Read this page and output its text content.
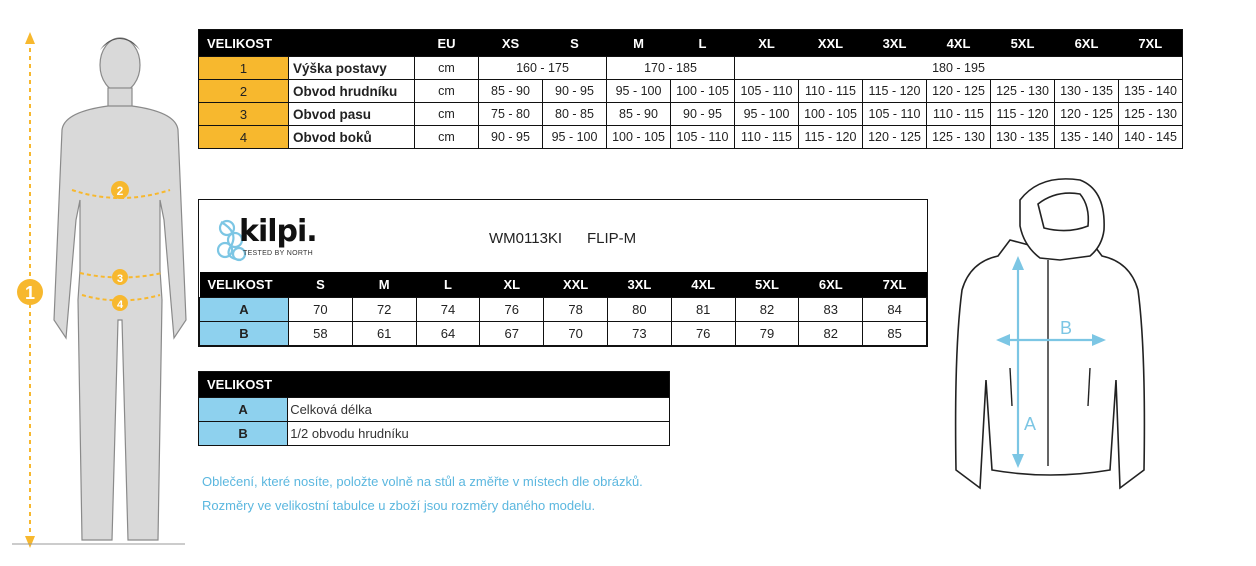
1
2
3
4
VELIKOST		EU	XS	S	M	L	XL	XXL	3XL	4XL	5XL	6XL	7XL
1	Výška postavy	cm	160 - 175		170 - 185		180 - 195						
2	Obvod hrudníku	cm	85 - 90	90 - 95	95 - 100	100 - 105	105 - 110	110 - 115	115 - 120	120 - 125	125 - 130	130 - 135	135 - 140
3	Obvod pasu	cm	75 - 80	80 - 85	85 - 90	90 - 95	95 - 100	100 - 105	105 - 110	110 - 115	115 - 120	120 - 125	125 - 130
4	Obvod boků	cm	90 - 95	95 - 100	100 - 105	105 - 110	110 - 115	115 - 120	120 - 125	125 - 130	130 - 135	135 - 140	140 - 145
kilpi.
TESTED BY NORTH
WM0113KI FLIP-M
VELIKOST	S	M	L	XL	XXL	3XL	4XL	5XL	6XL	7XL
A	70	72	74	76	78	80	81	82	83	84
B	58	61	64	67	70	73	76	79	82	85
VELIKOST	
A	Celková délka
B	1/2 obvodu hrudníku
Oblečení, které nosíte, položte volně na stůl a změřte v místech dle obrázků.
Rozměry ve velikostní tabulce u zboží jsou rozměry daného modelu.
A
B
